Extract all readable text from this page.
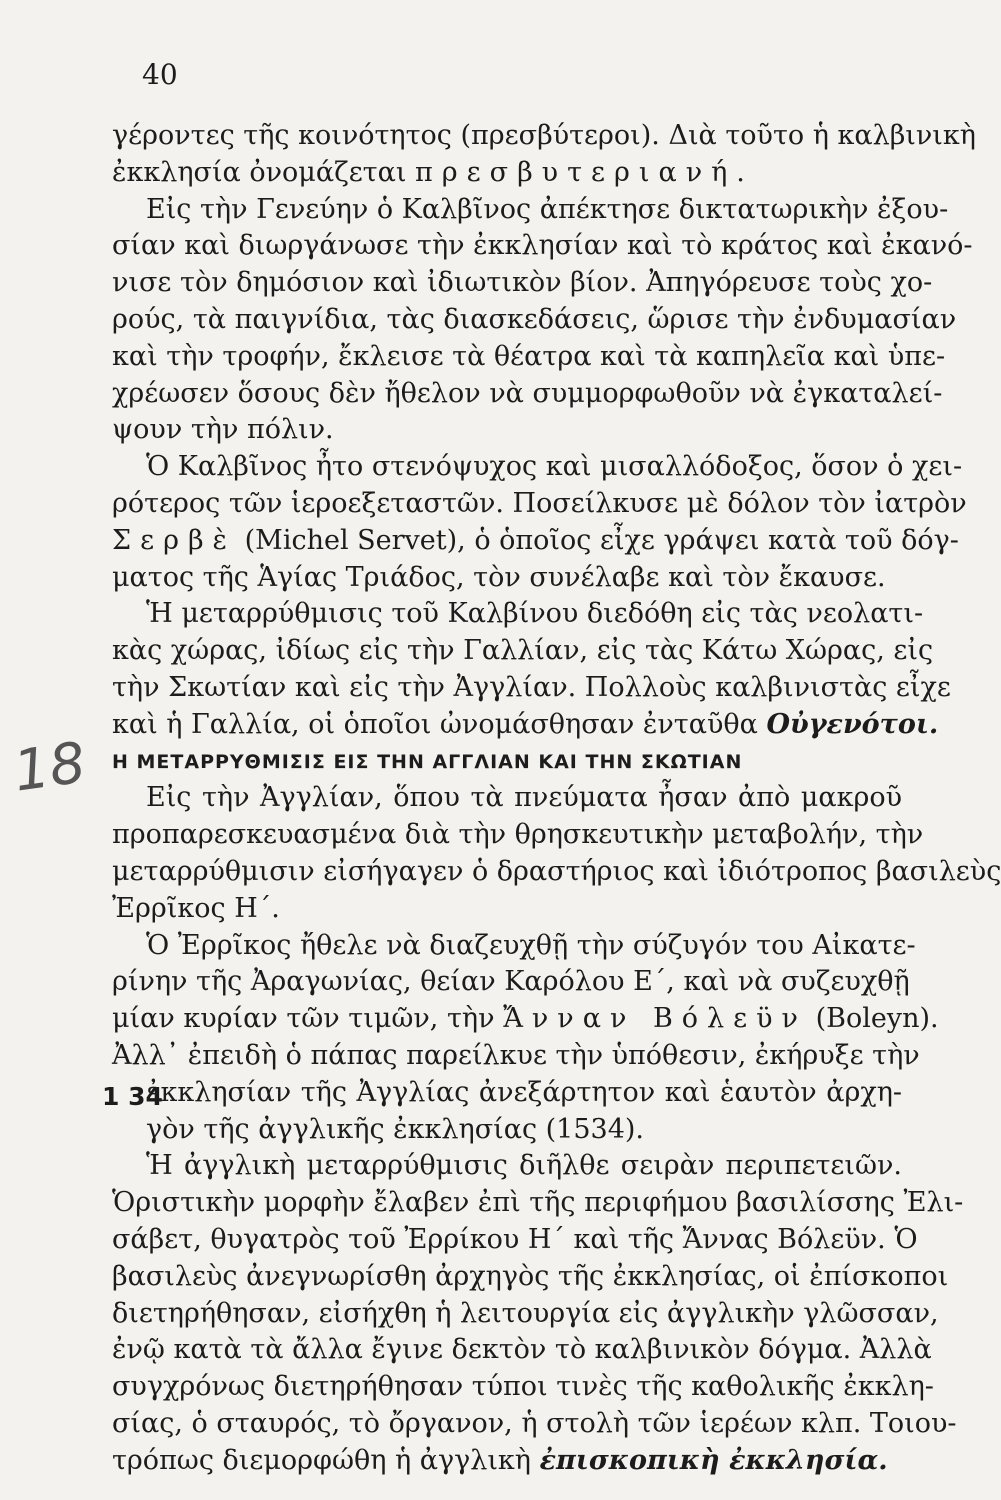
40
18
1 34
γέροντες τῆς κοινότητος (πρεσβύτεροι). Διὰ τοῦτο ἡ καλβινικὴ
ἐκκλησία ὀνομάζεται πρεσβυτεριανή.
Εἰς τὴν Γενεύην ὁ Καλβῖνος ἀπέκτησε δικτατωρικὴν ἐξου-
σίαν καὶ διωργάνωσε τὴν ἐκκλησίαν καὶ τὸ κράτος καὶ ἐκανό-
νισε τὸν δημόσιον καὶ ἰδιωτικὸν βίον. Ἀπηγόρευσε τοὺς χο-
ρούς, τὰ παιγνίδια, τὰς διασκεδάσεις, ὥρισε τὴν ἐνδυμασίαν
καὶ τὴν τροφήν, ἔκλεισε τὰ θέατρα καὶ τὰ καπηλεῖα καὶ ὑπε-
χρέωσεν ὅσους δὲν ἤθελον νὰ συμμορφωθοῦν νὰ ἐγκαταλεί-
ψουν τὴν πόλιν.
Ὁ Καλβῖνος ἦτο στενόψυχος καὶ μισαλλόδοξος, ὅσον ὁ χει-
ρότερος τῶν ἱεροεξεταστῶν. Ποσείλκυσε μὲ δόλον τὸν ἰατρὸν
Σερβὲ (Michel Servet), ὁ ὁποῖος εἶχε γράψει κατὰ τοῦ δόγ-
ματος τῆς Ἁγίας Τριάδος, τὸν συνέλαβε καὶ τὸν ἔκαυσε.
Ἡ μεταρρύθμισις τοῦ Καλβίνου διεδόθη εἰς τὰς νεολατι-
κὰς χώρας, ἰδίως εἰς τὴν Γαλλίαν, εἰς τὰς Κάτω Χώρας, εἰς
τὴν Σκωτίαν καὶ εἰς τὴν Ἀγγλίαν. Πολλοὺς καλβινιστὰς εἶχε
καὶ ἡ Γαλλία, οἱ ὁποῖοι ὠνομάσθησαν ἐνταῦθα Οὐγενότοι.
Η ΜΕΤΑΡΡΥΘΜΙΣΙΣ ΕΙΣ ΤΗΝ ΑΓΓΛΙΑΝ ΚΑΙ ΤΗΝ ΣΚΩΤΙΑΝ
Εἰς τὴν Ἀγγλίαν, ὅπου τὰ πνεύματα ἦσαν ἀπὸ μακροῦ
προπαρεσκευασμένα διὰ τὴν θρησκευτικὴν μεταβολήν, τὴν
μεταρρύθμισιν εἰσήγαγεν ὁ δραστήριος καὶ ἰδιότροπος βασιλεὺς
Ἐρρῖκος Η΄.
Ὁ Ἐρρῖκος ἤθελε νὰ διαζευχθῇ τὴν σύζυγόν του Αἰκατε-
ρίνην τῆς Ἀραγωνίας, θείαν Καρόλου Ε΄, καὶ νὰ συζευχθῇ
μίαν κυρίαν τῶν τιμῶν, τὴν Ἄνναν Βόλεϋν (Boleyn).
Ἀλλ᾽ ἐπειδὴ ὁ πάπας παρείλκυε τὴν ὑπόθεσιν, ἐκήρυξε τὴν
ἐκκλησίαν τῆς Ἀγγλίας ἀνεξάρτητον καὶ ἑαυτὸν ἀρχη-
γὸν τῆς ἀγγλικῆς ἐκκλησίας (1534).
Ἡ ἀγγλικὴ μεταρρύθμισις διῆλθε σειρὰν περιπετειῶν.
Ὁριστικὴν μορφὴν ἔλαβεν ἐπὶ τῆς περιφήμου βασιλίσσης Ἐλι-
σάβετ, θυγατρὸς τοῦ Ἐρρίκου Η΄ καὶ τῆς Ἄννας Βόλεϋν. Ὁ
βασιλεὺς ἀνεγνωρίσθη ἀρχηγὸς τῆς ἐκκλησίας, οἱ ἐπίσκοποι
διετηρήθησαν, εἰσήχθη ἡ λειτουργία εἰς ἀγγλικὴν γλῶσσαν,
ἐνῷ κατὰ τὰ ἄλλα ἔγινε δεκτὸν τὸ καλβινικὸν δόγμα. Ἀλλὰ
συγχρόνως διετηρήθησαν τύποι τινὲς τῆς καθολικῆς ἐκκλη-
σίας, ὁ σταυρός, τὸ ὄργανον, ἡ στολὴ τῶν ἱερέων κλπ. Τοιου-
τρόπως διεμορφώθη ἡ ἀγγλικὴ ἐπισκοπικὴ ἐκκλησία.
